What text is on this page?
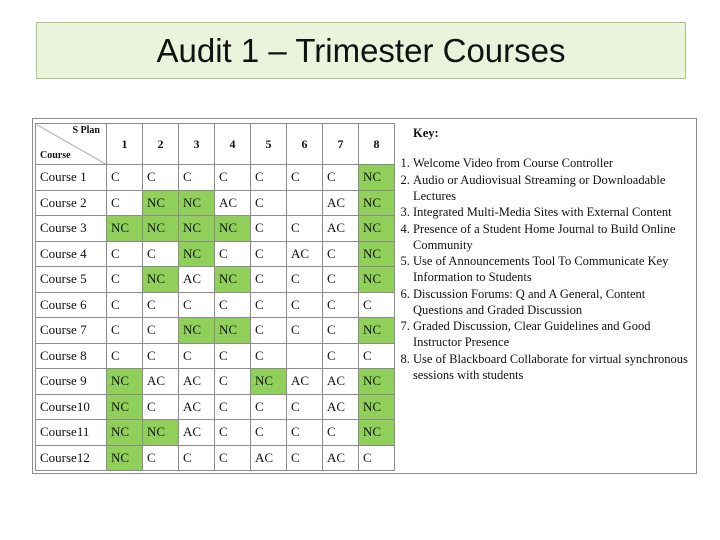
Audit 1 – Trimester Courses
S Plan
Course	1	2	3	4	5	6	7	8
Course 1	C	C	C	C	C	C	C	NC
Course 2	C	NC	NC	AC	C		AC	NC
Course 3	NC	NC	NC	NC	C	C	AC	NC
Course 4	C	C	NC	C	C	AC	C	NC
Course 5	C	NC	AC	NC	C	C	C	NC
Course 6	C	C	C	C	C	C	C	C
Course 7	C	C	NC	NC	C	C	C	NC
Course 8	C	C	C	C	C		C	C
Course 9	NC	AC	AC	C	NC	AC	AC	NC
Course10	NC	C	AC	C	C	C	AC	NC
Course11	NC	NC	AC	C	C	C	C	NC
Course12	NC	C	C	C	AC	C	AC	C
Key:
1. Welcome Video from Course Controller
2. Audio or Audiovisual Streaming or Downloadable Lectures
3. Integrated Multi-Media Sites with External Content
4. Presence of a Student Home Journal to Build Online Community
5. Use of Announcements Tool To Communicate Key Information to Students
6. Discussion Forums: Q and A General, Content Questions and Graded Discussion
7. Graded Discussion, Clear Guidelines and Good Instructor Presence
8. Use of Blackboard Collaborate for virtual synchronous sessions with students
